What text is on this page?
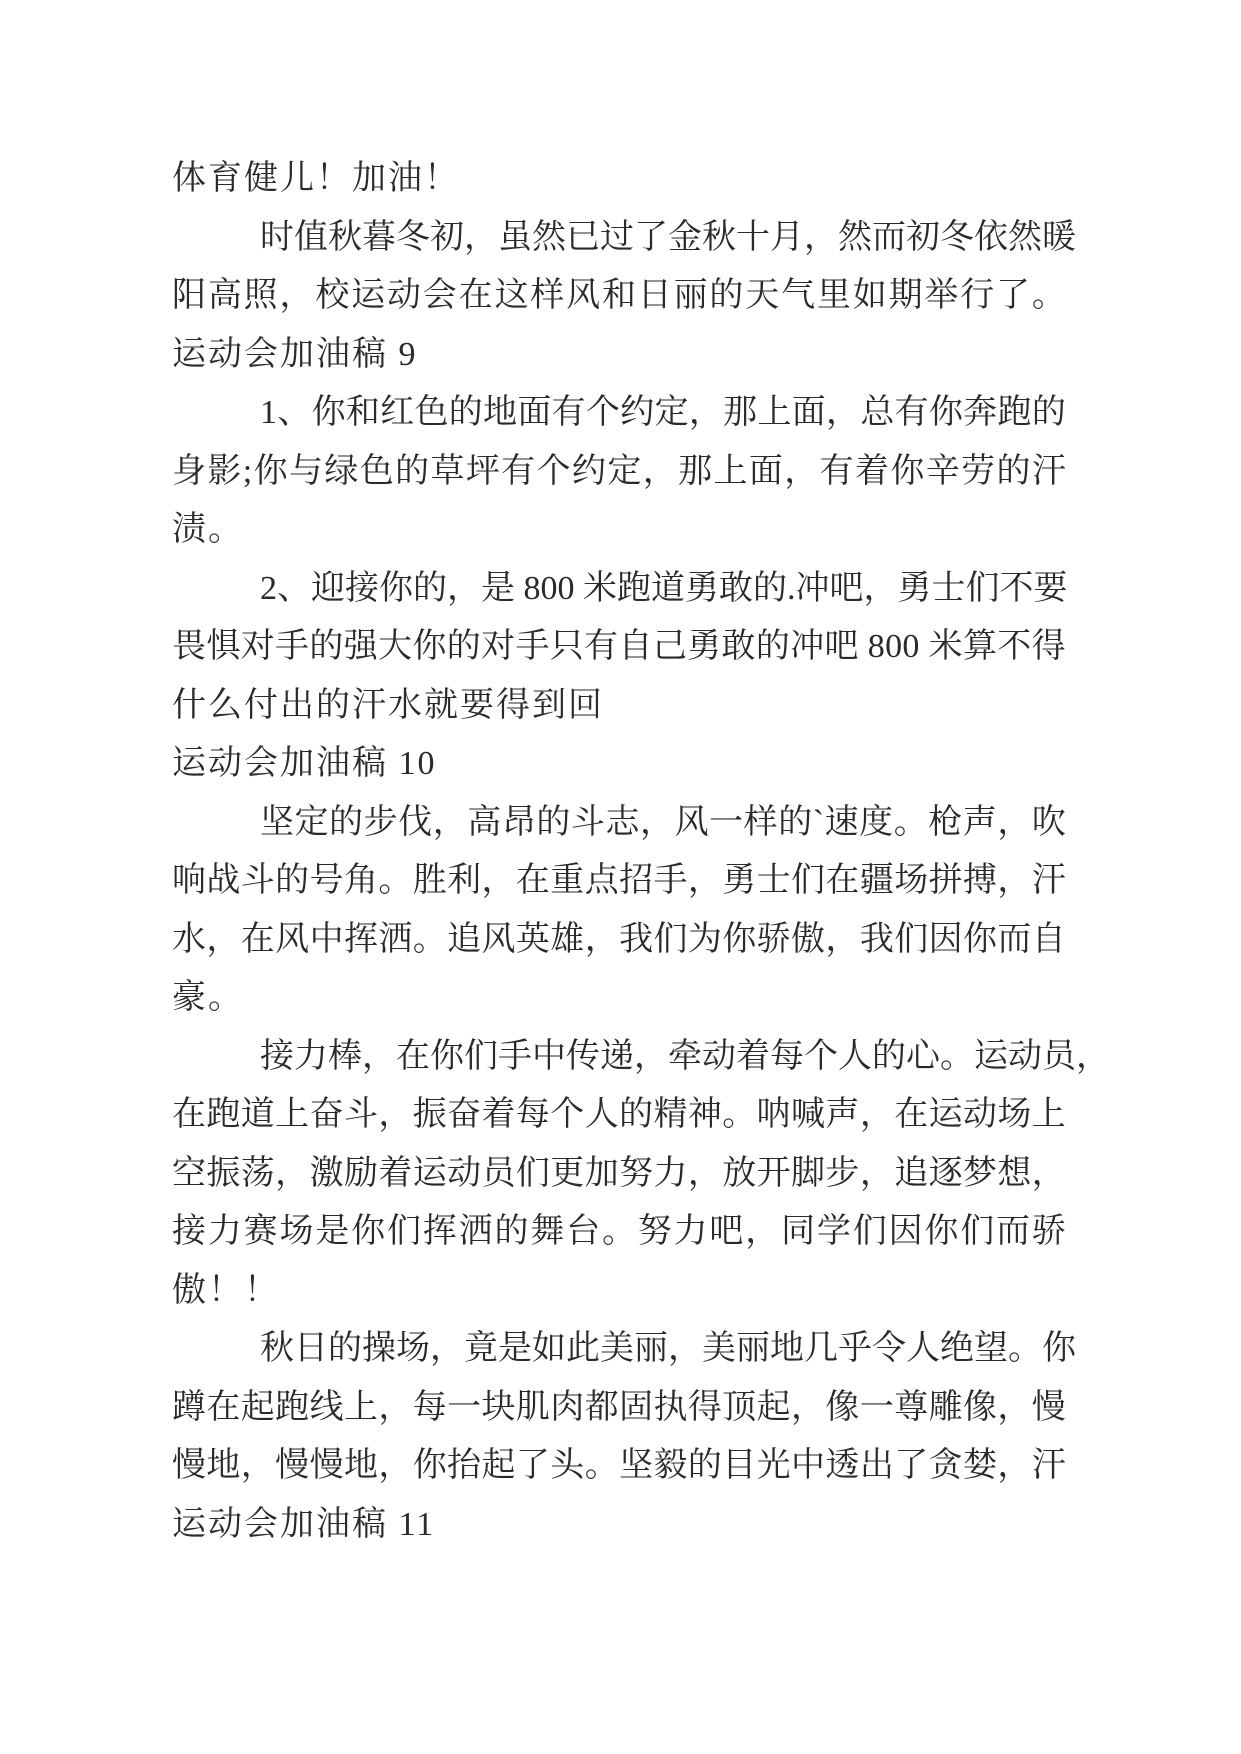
体育健儿！加油！
时 值 秋 暮 冬 初 ， 虽 然 已 过 了 金 秋 十 月 ， 然 而 初 冬 依 然 暖
阳 高 照 ， 校 运 动 会 在 这 样 风 和 日 丽 的 天 气 里 如 期 举 行 了 。
运动会加油稿 9
1 、 你 和 红 色 的 地 面 有 个 约 定 ， 那 上 面 ， 总 有 你 奔 跑 的
身 影 ; 你 与 绿 色 的 草 坪 有 个 约 定 ， 那 上 面 ， 有 着 你 辛 劳 的 汗
渍。
2 、 迎 接 你 的 ， 是
8 0 0
米 跑 道 勇 敢 的 . 冲 吧 ， 勇 士 们 不 要
畏 惧 对 手 的 强 大 你 的 对 手 只 有 自 己 勇 敢 的 冲 吧
8 0 0
米 算 不 得
什么付出的汗水就要得到回
运动会加油稿 10
坚 定 的 步 伐 ， 高 昂 的 斗 志 ， 风 一 样 的 ` 速 度 。 枪 声 ， 吹
响 战 斗 的 号 角 。 胜 利 ， 在 重 点 招 手 ， 勇 士 们 在 疆 场 拼 搏 ， 汗
水 ， 在 风 中 挥 洒 。 追 风 英 雄 ， 我 们 为 你 骄 傲 ， 我 们 因 你 而 自
豪。
接 力 棒 ， 在 你 们 手 中 传 递 ， 牵 动 着 每 个 人 的 心 。 运 动 员 ，
在 跑 道 上 奋 斗 ， 振 奋 着 每 个 人 的 精 神 。 呐 喊 声 ， 在 运 动 场 上
空 振 荡 ， 激 励 着 运 动 员 们 更 加 努 力 ， 放 开 脚 步 ， 追 逐 梦 想 ，
接 力 赛 场 是 你 们 挥 洒 的 舞 台 。 努 力 吧 ， 同 学 们 因 你 们 而 骄
傲！！
秋 日 的 操 场 ， 竟 是 如 此 美 丽 ， 美 丽 地 几 乎 令 人 绝 望 。 你
蹲 在 起 跑 线 上 ， 每 一 块 肌 肉 都 固 执 得 顶 起 ， 像 一 尊 雕 像 ， 慢
慢 地 ， 慢 慢 地 ， 你 抬 起 了 头 。 坚 毅 的 目 光 中 透 出 了 贪 婪 ， 汗
运动会加油稿 11
